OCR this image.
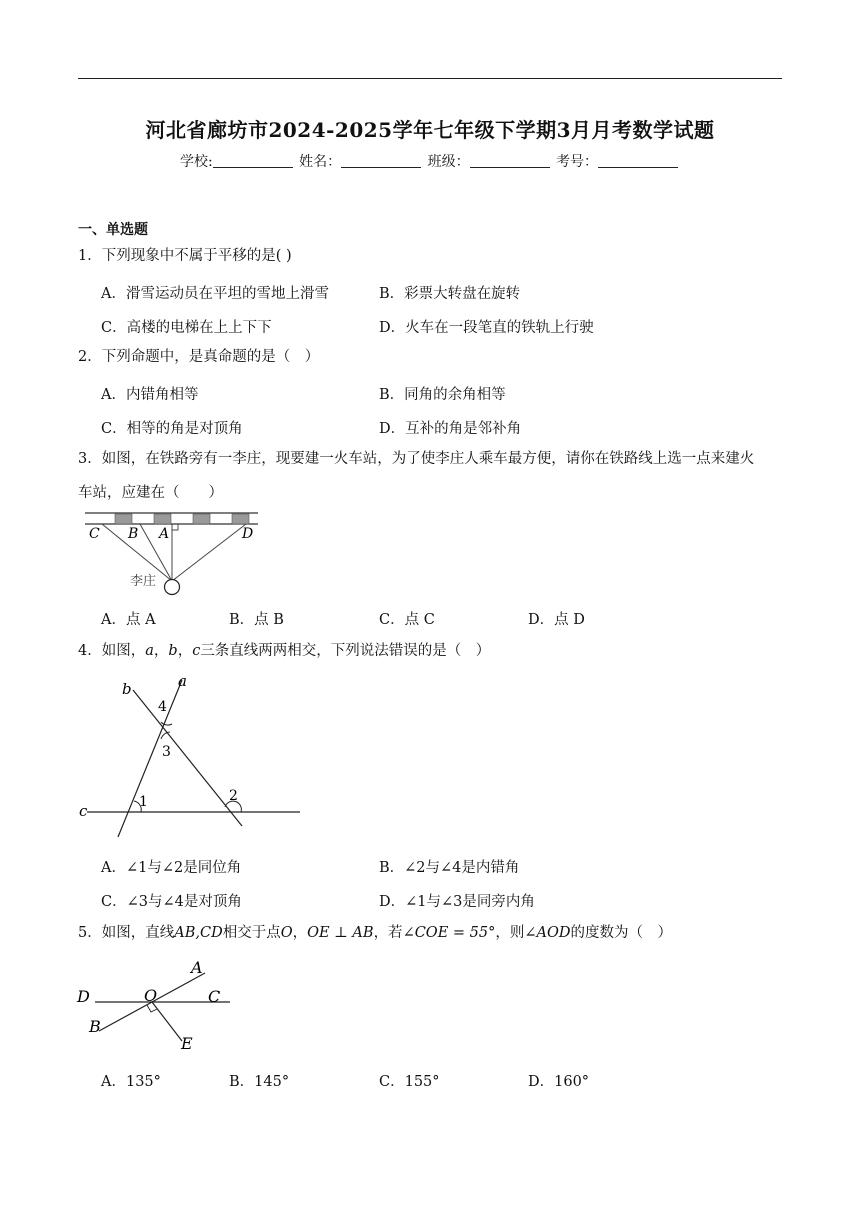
河北省廊坊市2024-2025学年七年级下学期3月月考数学试题
学校:	姓名：	班级：	考号：
一、单选题
1．下列现象中不属于平移的是( )
A．滑雪运动员在平坦的雪地上滑雪	B．彩票大转盘在旋转
C．高楼的电梯在上上下下	D．火车在一段笔直的铁轨上行驶
2．下列命题中，是真命题的是（　）
A．内错角相等	B．同角的余角相等
C．相等的角是对顶角	D．互补的角是邻补角
3．如图，在铁路旁有一李庄，现要建一火车站，为了使李庄人乘车最方便，请你在铁路线上选一点来建火
车站，应建在（　　）
C B A	D
李庄
A．点 A	B．点 B	C．点 C	D．点 D
4．如图，a，b，c三条直线两两相交，下列说法错误的是（　）
b	a
c
4
3
1	2
A．∠1与∠2是同位角	B．∠2与∠4是内错角
C．∠3与∠4是对顶角	D．∠1与∠3是同旁内角
5．如图，直线AB,CD相交于点O，OE ⊥ AB，若∠COE = 55°，则∠AOD的度数为（　）
D	O	C
A
B
E
A．135°	B．145°	C．155°	D．160°
